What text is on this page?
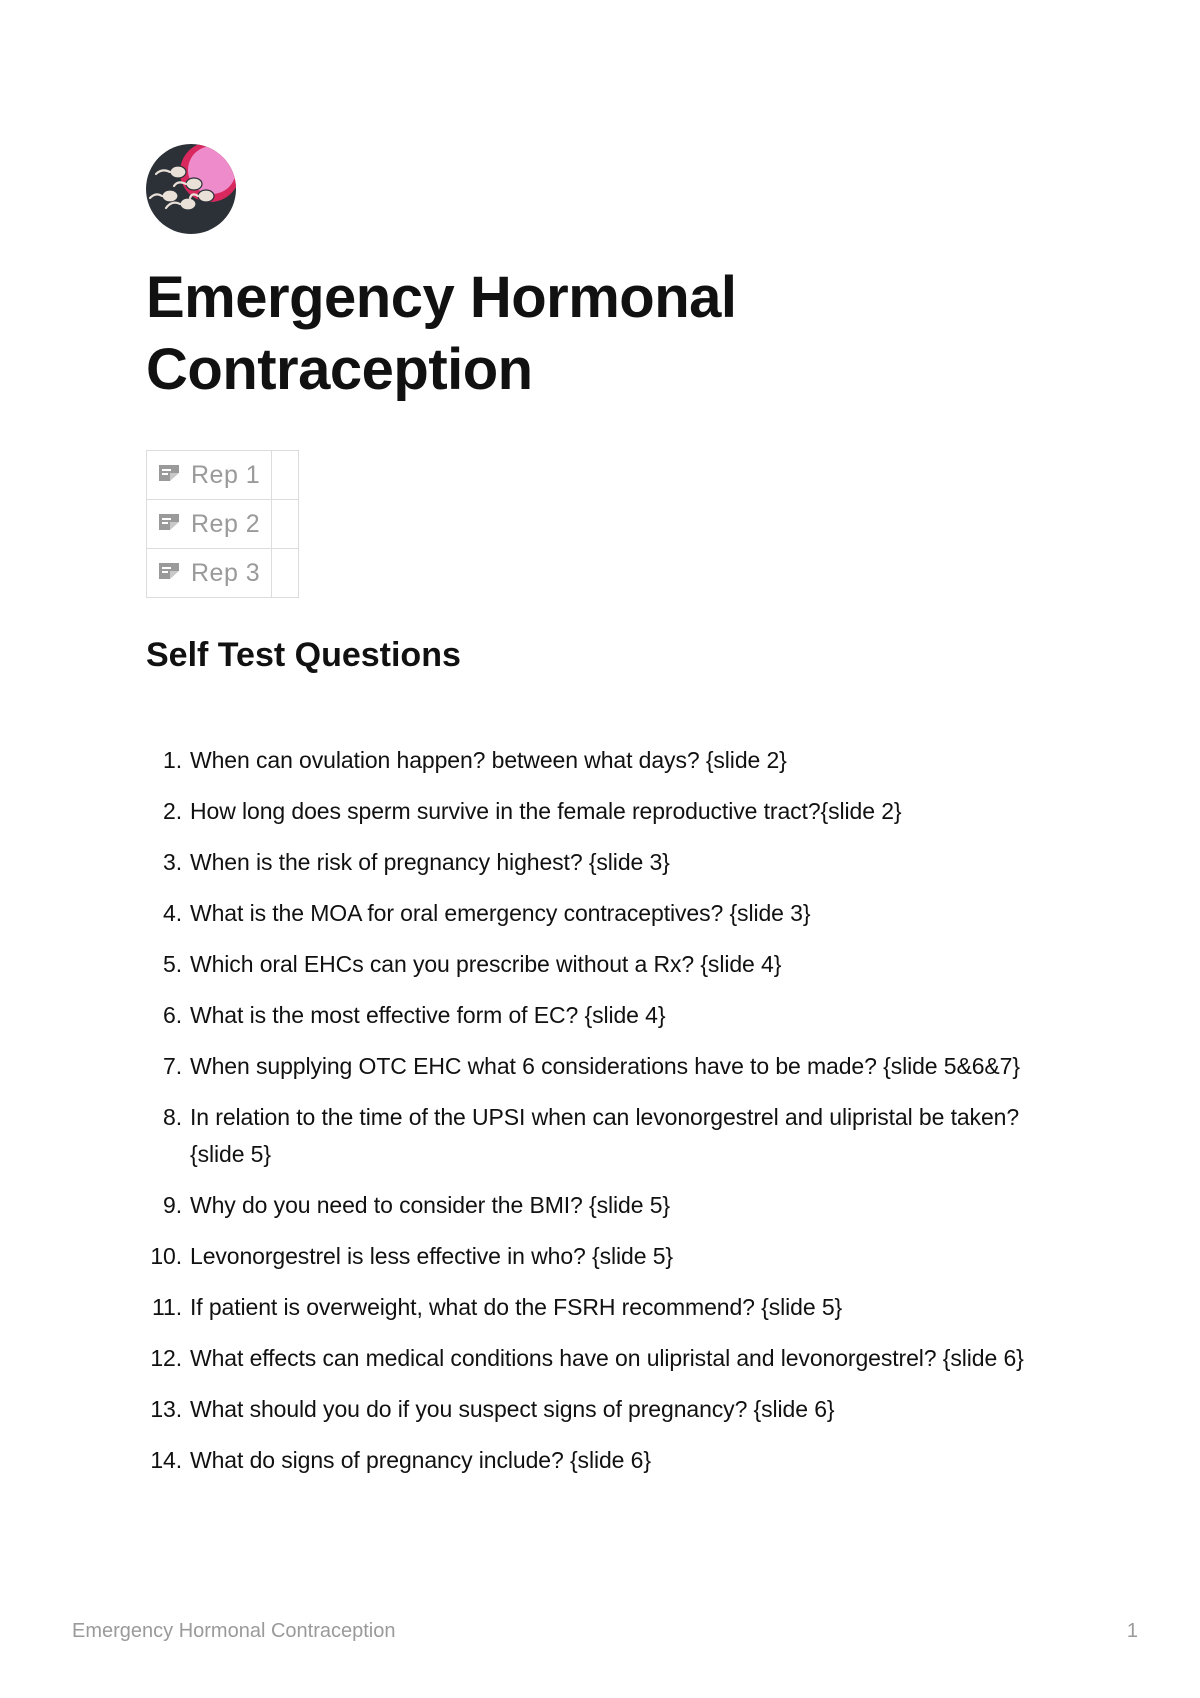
Emergency Hormonal Contraception
Rep 1	

Rep 2	

Rep 3	

Self Test Questions
1. When can ovulation happen? between what days? {slide 2}
2. How long does sperm survive in the female reproductive tract?{slide 2}
3. When is the risk of pregnancy highest? {slide 3}
4. What is the MOA for oral emergency contraceptives? {slide 3}
5. Which oral EHCs can you prescribe without a Rx? {slide 4}
6. What is the most effective form of EC? {slide 4}
7. When supplying OTC EHC what 6 considerations have to be made? {slide 5&6&7}
8. In relation to the time of the UPSI when can levonorgestrel and ulipristal be taken? {slide 5}
9. Why do you need to consider the BMI? {slide 5}
10. Levonorgestrel is less effective in who? {slide 5}
11. If patient is overweight, what do the FSRH recommend? {slide 5}
12. What effects can medical conditions have on ulipristal and levonorgestrel? {slide 6}
13. What should you do if you suspect signs of pregnancy? {slide 6}
14. What do signs of pregnancy include? {slide 6}
Emergency Hormonal Contraception	1
